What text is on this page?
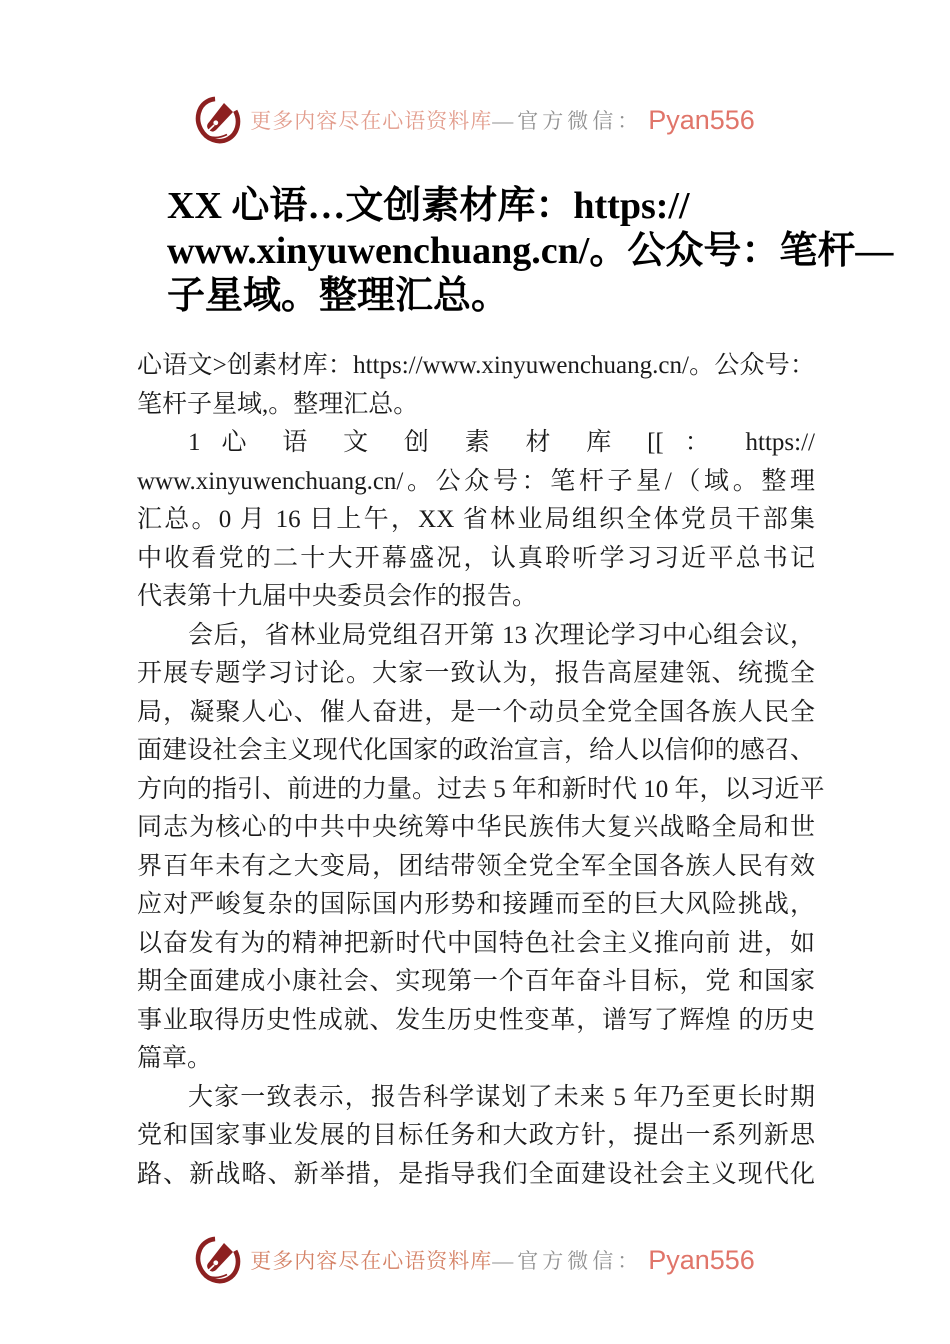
更多内容尽在心语资料库 —官方微信： Pyan556
XX 心语…文创素材库：https://
www.xinyuwenchuang.cn/。公众号：笔杆—
子星域。整理汇总。
心语文>创素材库：https://www.xinyuwenchuang.cn/。公众号：
笔杆子星域,。整理汇总。
1 心 语 文 创 素 材 库 [[ ： https://
www.xinyuwenchuang.cn/。公众号：笔杆子星/（域。整理
汇总。0 月 16 日上午，XX 省林业局组织全体党员干部集
中收看党的二十大开幕盛况，认真聆听学习习近平总书记
代表第十九届中央委员会作的报告。
会后，省林业局党组召开第 13 次理论学习中心组会议，
开展专题学习讨论。大家一致认为，报告高屋建瓴、统揽全
局，凝聚人心、催人奋进，是一个动员全党全国各族人民全
面建设社会主义现代化国家的政治宣言，给人以信仰的感召、
方向的指引、前进的力量。过去 5 年和新时代 10 年，以习近平
同志为核心的中共中央统筹中华民族伟大复兴战略全局和世
界百年未有之大变局，团结带领全党全军全国各族人民有效
应对严峻复杂的国际国内形势和接踵而至的巨大风险挑战，
以奋发有为的精神把新时代中国特色社会主义推向前 进，如
期全面建成小康社会、实现第一个百年奋斗目标，党 和国家
事业取得历史性成就、发生历史性变革，谱写了辉煌 的历史
篇章。
大家一致表示，报告科学谋划了未来 5 年乃至更长时期
党和国家事业发展的目标任务和大政方针，提出一系列新思
路、新战略、新举措，是指导我们全面建设社会主义现代化
更多内容尽在心语资料库 —官方微信： Pyan556
